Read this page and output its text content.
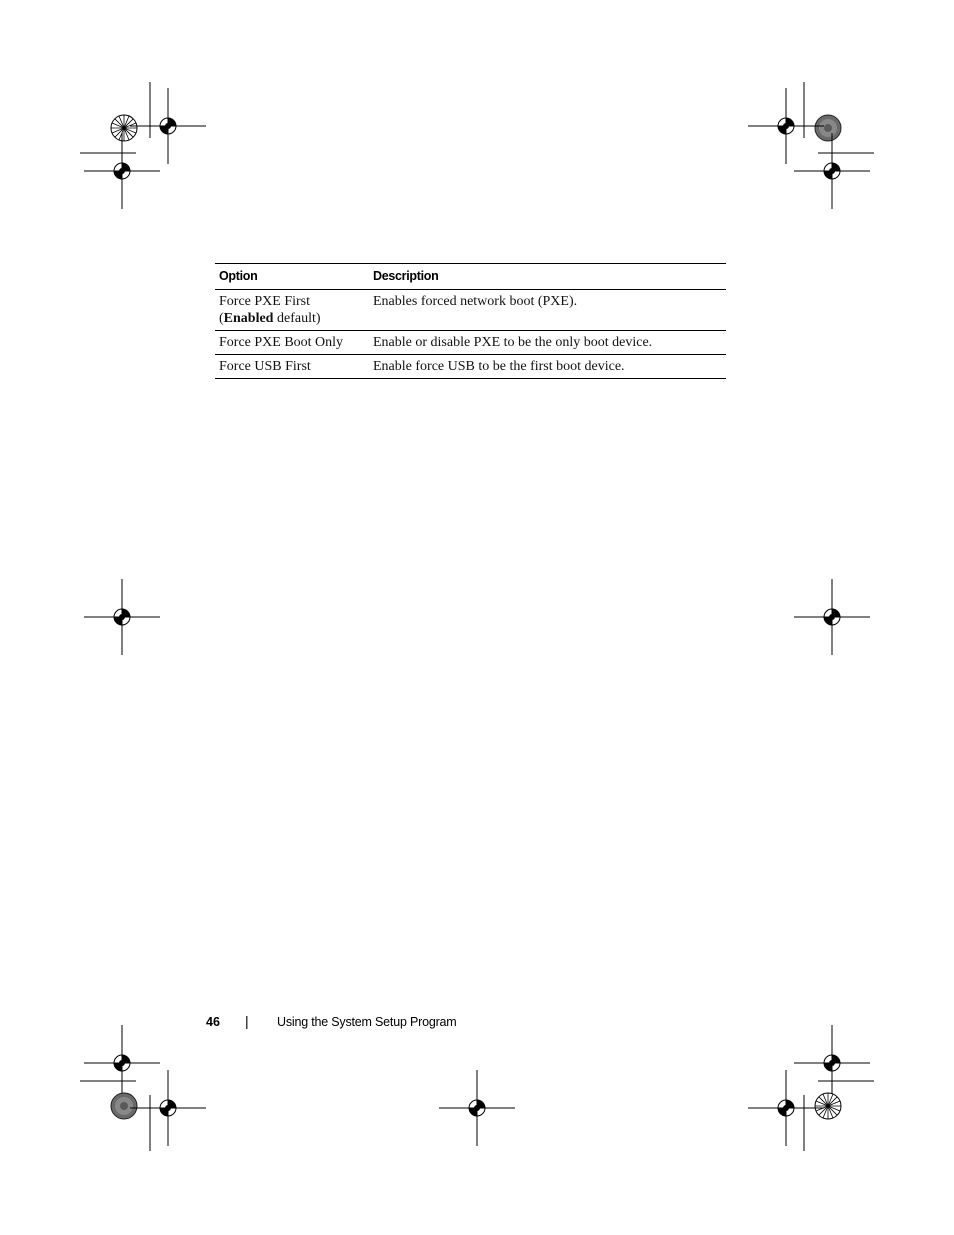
Option	Description
Force PXE First
(Enabled default)	Enables forced network boot (PXE).
Force PXE Boot Only	Enable or disable PXE to be the only boot device.
Force USB First	Enable force USB to be the first boot device.
46 | Using the System Setup Program
